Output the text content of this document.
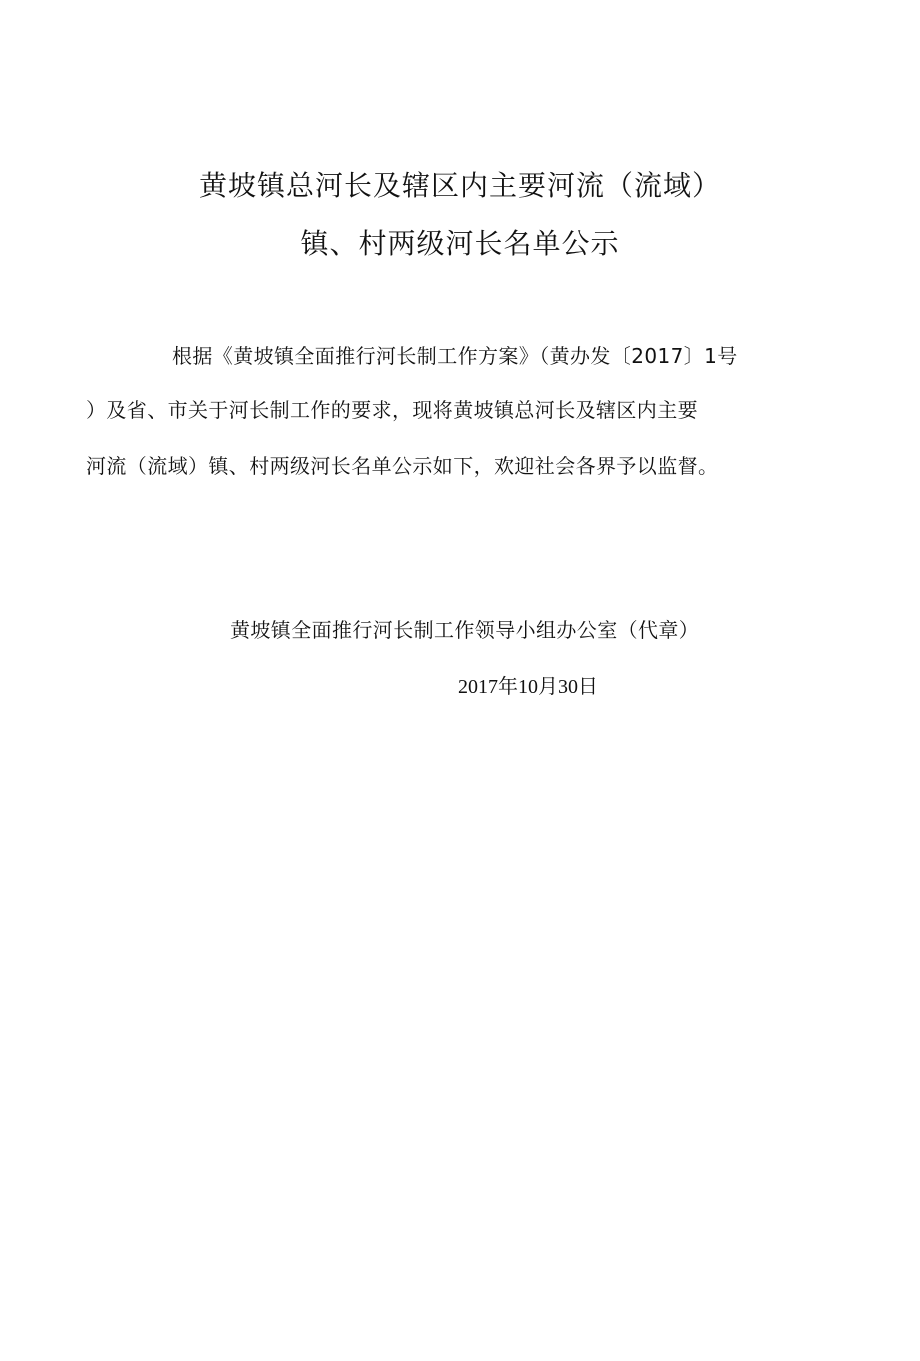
黄坡镇总河长及辖区内主要河流（流域）
镇、村两级河长名单公示
根据《黄坡镇全面推行河长制工作方案》（黄办发〔2017〕1号
）及省、市关于河长制工作的要求，现将黄坡镇总河长及辖区内主要
河流（流域）镇、村两级河长名单公示如下，欢迎社会各界予以监督。
黄坡镇全面推行河长制工作领导小组办公室（代章）
2017年10月30日
